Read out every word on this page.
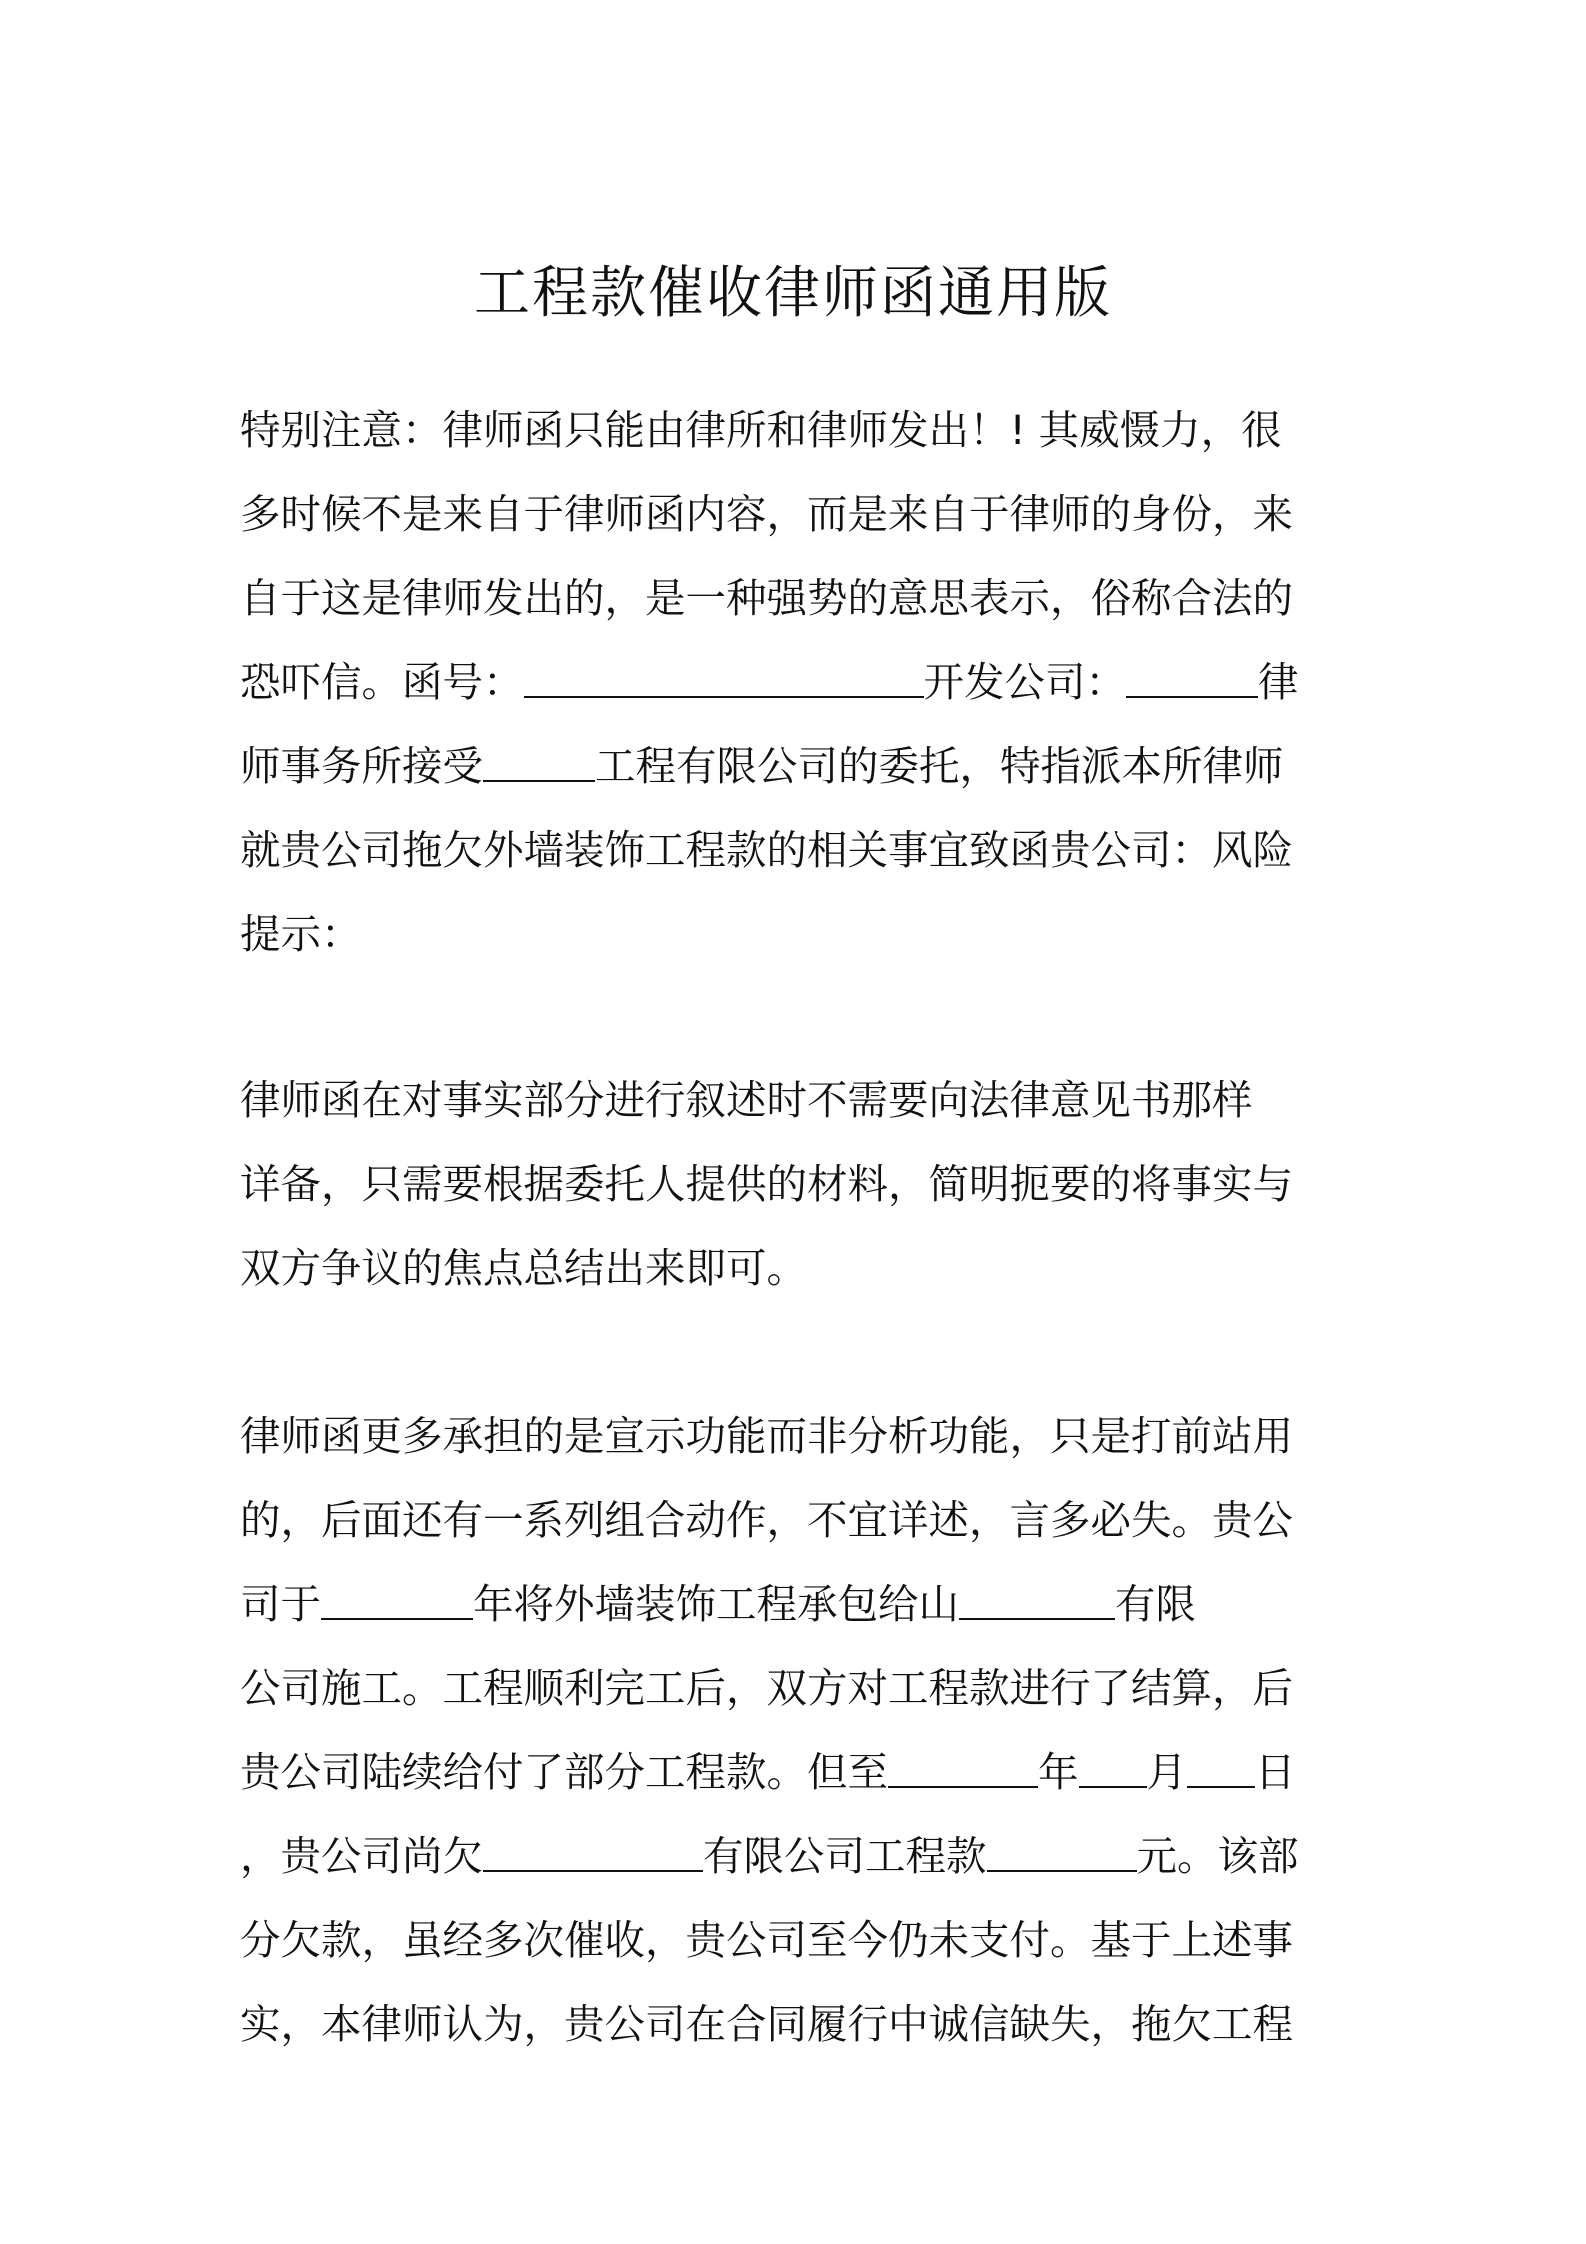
工程款催收律师函通用版

特别注意：律师函只能由律所和律师发出！! 其威慑力，很

多时候不是来自于律师函内容，而是来自于律师的身份，来

自于这是律师发出的，是一种强势的意思表示，俗称合法的

恐吓信。函号：	开发公司：	律

师事务所接受	工程有限公司的委托，特指派本所律师

就贵公司拖欠外墙装饰工程款的相关事宜致函贵公司：风险

提示：

律师函在对事实部分进行叙述时不需要向法律意见书那样

详备，只需要根据委托人提供的材料，简明扼要的将事实与

双方争议的焦点总结出来即可。

律师函更多承担的是宣示功能而非分析功能，只是打前站用

的，后面还有一系列组合动作，不宜详述，言多必失。贵公

司于	年将外墙装饰工程承包给山	有限

公司施工。工程顺利完工后，双方对工程款进行了结算，后

贵公司陆续给付了部分工程款。但至	年 月 日

，贵公司尚欠	有限公司工程款	元。该部

分欠款，虽经多次催收，贵公司至今仍未支付。基于上述事

实，本律师认为，贵公司在合同履行中诚信缺失，拖欠工程
